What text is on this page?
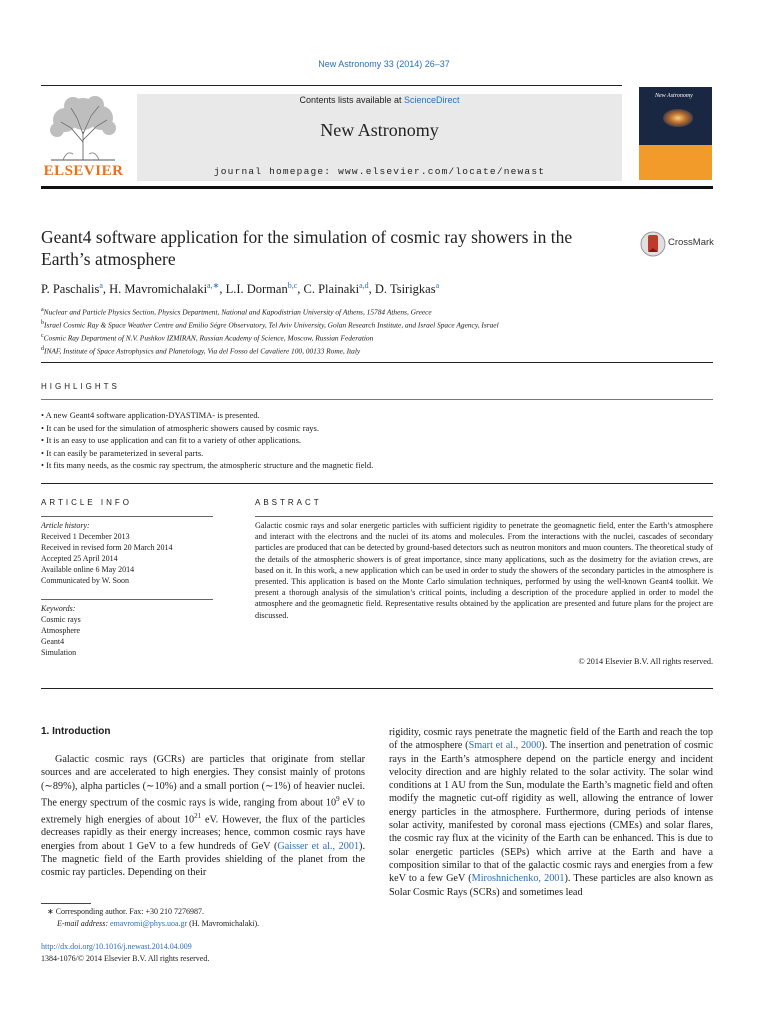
New Astronomy 33 (2014) 26–37
ELSEVIER
Contents lists available at ScienceDirect
New Astronomy
journal homepage: www.elsevier.com/locate/newast
New Astronomy
Geant4 software application for the simulation of cosmic ray showers in the Earth’s atmosphere
CrossMark
P. Paschalis$^a$, H. Mavromichalaki$^{a,∗}$, L.I. Dorman$^{b,c}$, C. Plainaki$^{a,d}$, D. Tsirigkas$^a$
$^a$Nuclear and Particle Physics Section, Physics Department, National and Kapodistrian University of Athens, 15784 Athens, Greece
$^b$Israel Cosmic Ray & Space Weather Centre and Emilio Ségre Observatory, Tel Aviv University, Golan Research Institute, and Israel Space Agency, Israel
$^c$Cosmic Ray Department of N.V. Pushkov IZMIRAN, Russian Academy of Science, Moscow, Russian Federation
$^d$INAF, Institute of Space Astrophysics and Planetology, Via del Fosso del Cavaliere 100, 00133 Rome, Italy
HIGHLIGHTS
• A new Geant4 software application-DYASTIMA- is presented.
• It can be used for the simulation of atmospheric showers caused by cosmic rays.
• It is an easy to use application and can fit to a variety of other applications.
• It can easily be parameterized in several parts.
• It fits many needs, as the cosmic ray spectrum, the atmospheric structure and the magnetic field.
ARTICLE INFO	ABSTRACT
Article history:
Received 1 December 2013
Received in revised form 20 March 2014
Accepted 25 April 2014
Available online 6 May 2014
Communicated by W. Soon
Keywords:
Cosmic rays
Atmosphere
Geant4
Simulation
Galactic cosmic rays and solar energetic particles with sufficient rigidity to penetrate the geomagnetic field, enter the Earth’s atmosphere and interact with the electrons and the nuclei of its atoms and molecules. From the interactions with the nuclei, cascades of secondary particles are produced that can be detected by ground-based detectors such as neutron monitors and muon counters. The theoretical study of the details of the atmospheric showers is of great importance, since many applications, such as the dosimetry for the aviation crews, are based on it. In this work, a new application which can be used in order to study the showers of the secondary particles in the atmosphere is presented. This application is based on the Monte Carlo simulation techniques, performed by using the well-known Geant4 toolkit. We present a thorough analysis of the simulation’s critical points, including a description of the procedure applied in order to model the atmosphere and the geomagnetic field. Representative results obtained by the application are presented and future plans for the project are discussed.
© 2014 Elsevier B.V. All rights reserved.
1. Introduction
Galactic cosmic rays (GCRs) are particles that originate from stellar sources and are accelerated to high energies. They consist mainly of protons (∼89%), alpha particles (∼10%) and a small portion (∼1%) of heavier nuclei. The energy spectrum of the cosmic rays is wide, ranging from about $10^9$ eV to extremely high energies of about $10^{21}$ eV. However, the flux of the particles decreases rapidly as their energy increases; hence, common cosmic rays have energies from about 1 GeV to a few hundreds of GeV (Gaisser et al., 2001). The magnetic field of the Earth provides shielding of the planet from the cosmic ray particles. Depending on their
rigidity, cosmic rays penetrate the magnetic field of the Earth and reach the top of the atmosphere (Smart et al., 2000). The insertion and penetration of cosmic rays in the Earth’s atmosphere depend on the particle energy and incident velocity direction and are highly related to the solar activity. The solar wind conditions at 1 AU from the Sun, modulate the Earth’s magnetic field and often modify the magnetic cut-off rigidity as well, allowing the entrance of lower energy particles in the atmosphere. Furthermore, during periods of intense solar activity, manifested by coronal mass ejections (CMEs) and solar flares, the cosmic ray flux at the vicinity of the Earth can be enhanced. This is due to solar energetic particles (SEPs) which arrive at the Earth and have a composition similar to that of the galactic cosmic rays and energies from a few keV to a few GeV (Miroshnichenko, 2001). These particles are also known as Solar Cosmic Rays (SCRs) and sometimes lead
∗ Corresponding author. Fax: +30 210 7276987.
E-mail address: emavromi@phys.uoa.gr (H. Mavromichalaki).
http://dx.doi.org/10.1016/j.newast.2014.04.009
1384-1076/© 2014 Elsevier B.V. All rights reserved.
